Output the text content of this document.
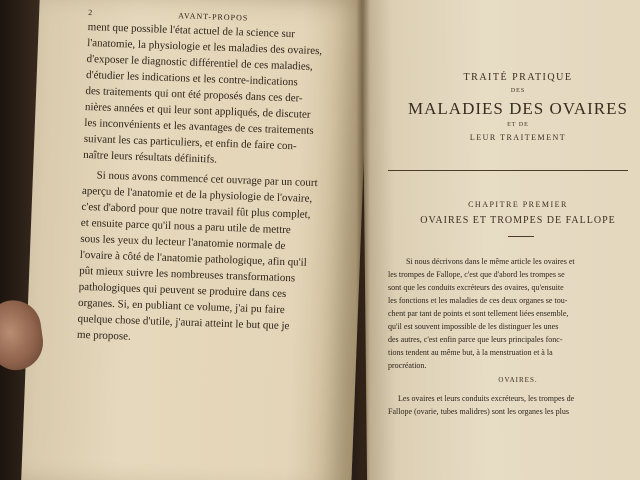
2	AVANT-PROPOS
ment que possible l'état actuel de la science sur
l'anatomie, la physiologie et les maladies des ovaires,
d'exposer le diagnostic différentiel de ces maladies,
d'étudier les indications et les contre-indications
des traitements qui ont été proposés dans ces der-
nières années et qui leur sont appliqués, de discuter
les inconvénients et les avantages de ces traitements
suivant les cas particuliers, et enfin de faire con-
naître leurs résultats définitifs.
Si nous avons commencé cet ouvrage par un court
aperçu de l'anatomie et de la physiologie de l'ovaire,
c'est d'abord pour que notre travail fût plus complet,
et ensuite parce qu'il nous a paru utile de mettre
sous les yeux du lecteur l'anatomie normale de
l'ovaire à côté de l'anatomie pathologique, afin qu'il
pût mieux suivre les nombreuses transformations
pathologiques qui peuvent se produire dans ces
organes. Si, en publiant ce volume, j'ai pu faire
quelque chose d'utile, j'aurai atteint le but que je
me propose.
TRAITÉ PRATIQUE
DES
MALADIES DES OVAIRES
ET DE
LEUR TRAITEMENT
CHAPITRE PREMIER
OVAIRES ET TROMPES DE FALLOPE
Si nous décrivons dans le même article les ovaires et
les trompes de Fallope, c'est que d'abord les trompes se
sont que les conduits excréteurs des ovaires, qu'ensuite
les fonctions et les maladies de ces deux organes se tou-
chent par tant de points et sont tellement liées ensemble,
qu'il est souvent impossible de les distinguer les unes
des autres, c'est enfin parce que leurs principales fonc-
tions tendent au même but, à la menstruation et à la
procréation.
OVAIRES.
Les ovaires et leurs conduits excréteurs, les trompes de
Fallope (ovarie, tubes malidres) sont les organes les plus
